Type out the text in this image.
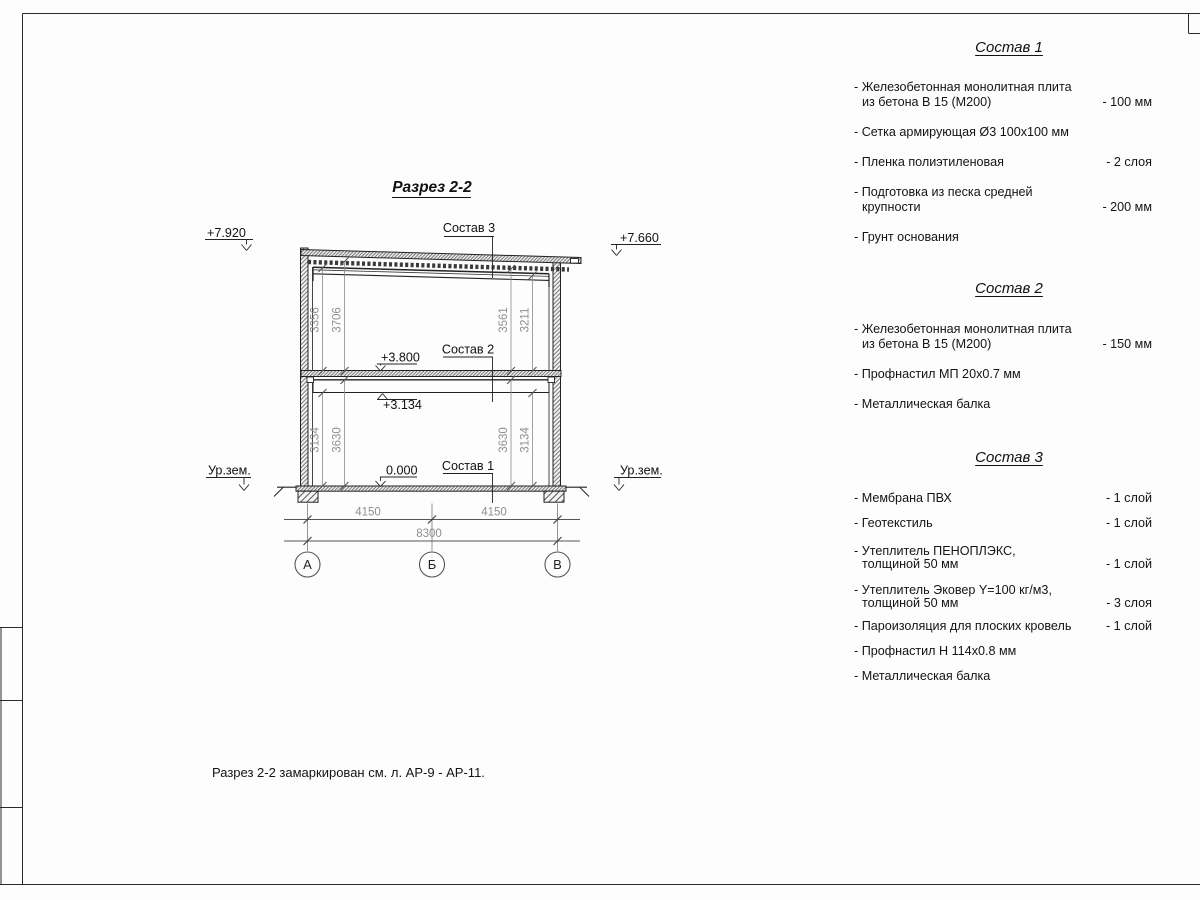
Разрез 2-2
3356 3706	3561 3211
3134 3630	3630 3134
4150	4150
8300
А	Б	В
Состав 3
Состав 2
Состав 1
+7.920	+7.660
+3.800
+3.134
0.000
Ур.зем.	Ур.зем.
Состав 1
- Железобетонная монолитная плита
из бетона В 15 (М200)	- 100 мм
- Сетка армирующая Ø3 100х100 мм
- Пленка полиэтиленовая	- 2 слоя
- Подготовка из песка средней
крупности	- 200 мм
- Грунт основания
Состав 2
- Железобетонная монолитная плита
из бетона В 15 (М200)	- 150 мм
- Профнастил МП 20х0.7 мм
- Металлическая балка
Состав 3
- Мембрана ПВХ	- 1 слой
- Геотекстиль	- 1 слой
- Утеплитель ПЕНОПЛЭКС,
толщиной 50 мм	- 1 слой
- Утеплитель Эковер Y=100 кг/м3,
толщиной 50 мм	- 3 слоя
- Пароизоляция для плоских кровель	- 1 слой
- Профнастил Н 114х0.8 мм
- Металлическая балка
Разрез 2-2 замаркирован см. л. АР-9 - АР-11.
